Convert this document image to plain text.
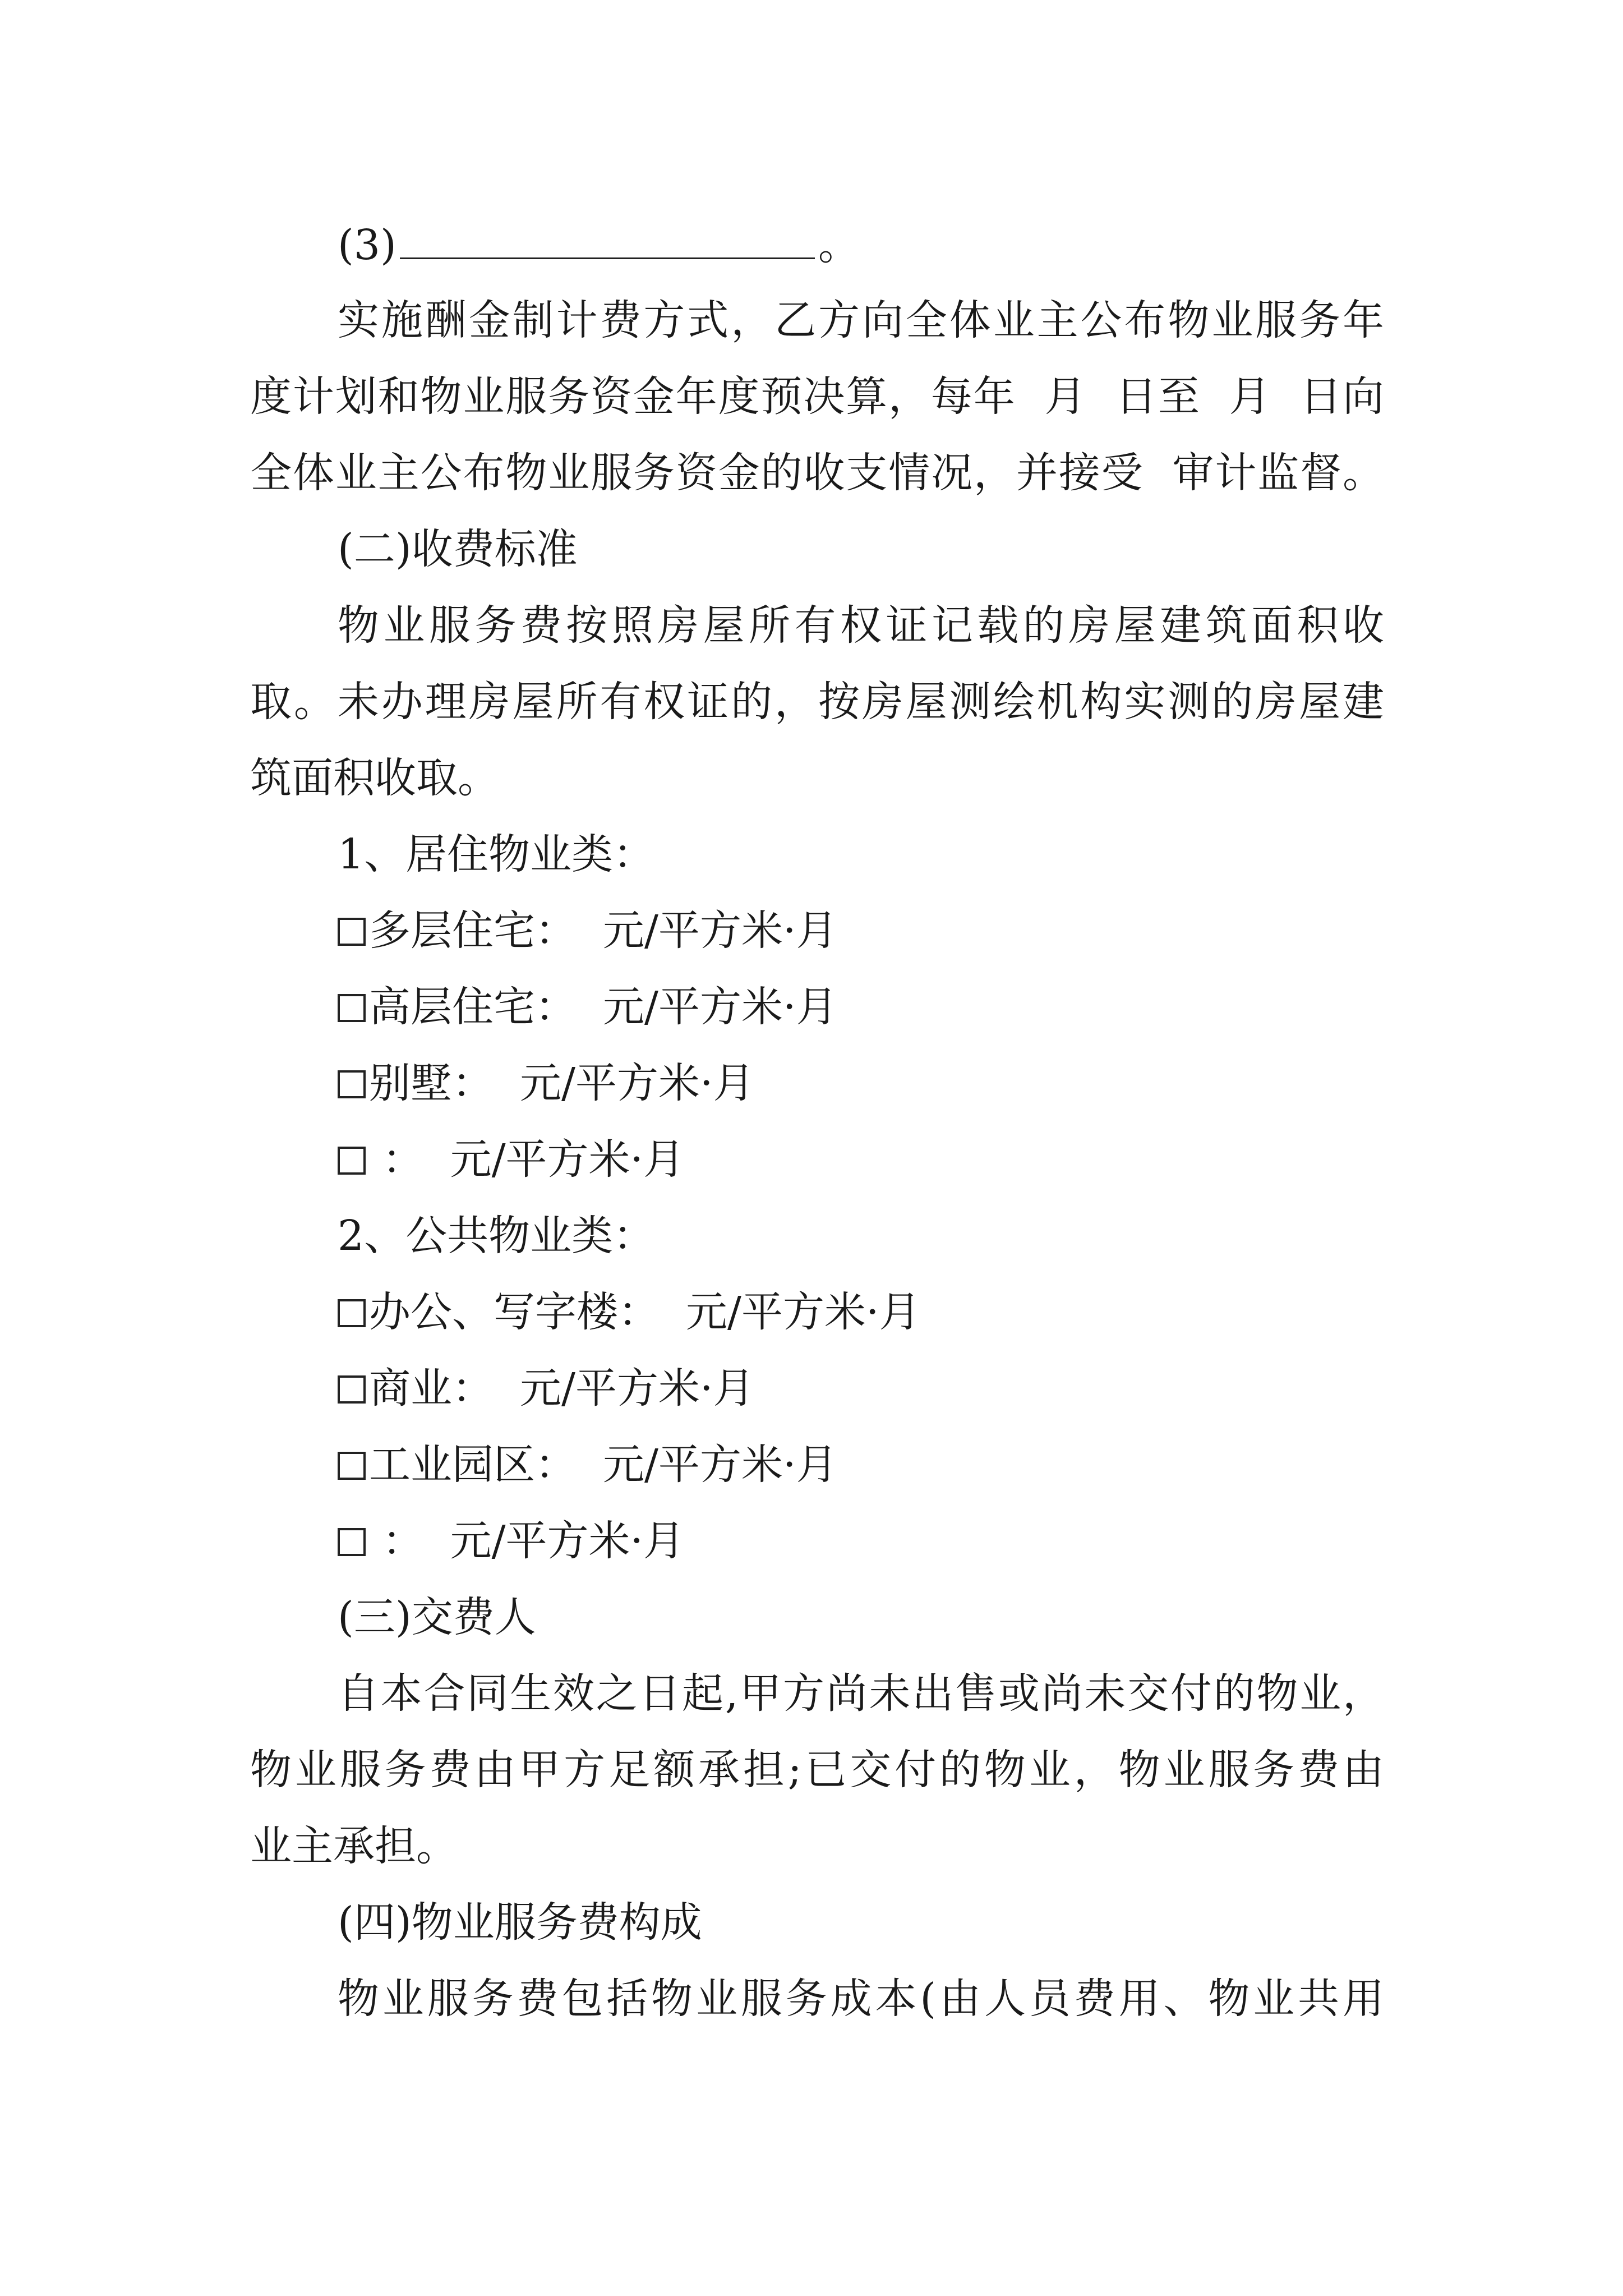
(3)	。
实施酬金制计费方式，乙方向全体业主公布物业服务年
度计划和物业服务资金年度预决算，每年  月  日至  月  日向
全体业主公布物业服务资金的收支情况，并接受  审计监督。
(二)收费标准
物业服务费按照房屋所有权证记载的房屋建筑面积收
取。未办理房屋所有权证的，按房屋测绘机构实测的房屋建
筑面积收取。
1、居住物业类：
多层住宅：  元/平方米·月
高层住宅：  元/平方米·月
别墅：  元/平方米·月
：  元/平方米·月
2、公共物业类：
办公、写字楼：  元/平方米·月
商业：  元/平方米·月
工业园区：  元/平方米·月
：  元/平方米·月
(三)交费人
自本合同生效之日起,甲方尚未出售或尚未交付的物业，
物业服务费由甲方足额承担;已交付的物业，物业服务费由
业主承担。
(四)物业服务费构成
物业服务费包括物业服务成本(由人员费用、物业共用
